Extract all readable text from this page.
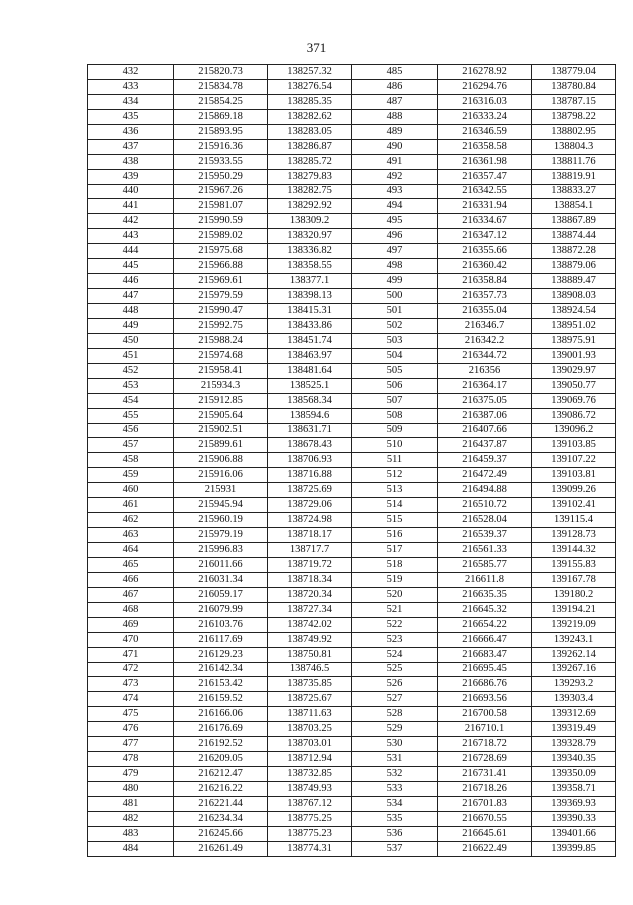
371
432	215820.73	138257.32	485	216278.92	138779.04
433	215834.78	138276.54	486	216294.76	138780.84
434	215854.25	138285.35	487	216316.03	138787.15
435	215869.18	138282.62	488	216333.24	138798.22
436	215893.95	138283.05	489	216346.59	138802.95
437	215916.36	138286.87	490	216358.58	138804.3
438	215933.55	138285.72	491	216361.98	138811.76
439	215950.29	138279.83	492	216357.47	138819.91
440	215967.26	138282.75	493	216342.55	138833.27
441	215981.07	138292.92	494	216331.94	138854.1
442	215990.59	138309.2	495	216334.67	138867.89
443	215989.02	138320.97	496	216347.12	138874.44
444	215975.68	138336.82	497	216355.66	138872.28
445	215966.88	138358.55	498	216360.42	138879.06
446	215969.61	138377.1	499	216358.84	138889.47
447	215979.59	138398.13	500	216357.73	138908.03
448	215990.47	138415.31	501	216355.04	138924.54
449	215992.75	138433.86	502	216346.7	138951.02
450	215988.24	138451.74	503	216342.2	138975.91
451	215974.68	138463.97	504	216344.72	139001.93
452	215958.41	138481.64	505	216356	139029.97
453	215934.3	138525.1	506	216364.17	139050.77
454	215912.85	138568.34	507	216375.05	139069.76
455	215905.64	138594.6	508	216387.06	139086.72
456	215902.51	138631.71	509	216407.66	139096.2
457	215899.61	138678.43	510	216437.87	139103.85
458	215906.88	138706.93	511	216459.37	139107.22
459	215916.06	138716.88	512	216472.49	139103.81
460	215931	138725.69	513	216494.88	139099.26
461	215945.94	138729.06	514	216510.72	139102.41
462	215960.19	138724.98	515	216528.04	139115.4
463	215979.19	138718.17	516	216539.37	139128.73
464	215996.83	138717.7	517	216561.33	139144.32
465	216011.66	138719.72	518	216585.77	139155.83
466	216031.34	138718.34	519	216611.8	139167.78
467	216059.17	138720.34	520	216635.35	139180.2
468	216079.99	138727.34	521	216645.32	139194.21
469	216103.76	138742.02	522	216654.22	139219.09
470	216117.69	138749.92	523	216666.47	139243.1
471	216129.23	138750.81	524	216683.47	139262.14
472	216142.34	138746.5	525	216695.45	139267.16
473	216153.42	138735.85	526	216686.76	139293.2
474	216159.52	138725.67	527	216693.56	139303.4
475	216166.06	138711.63	528	216700.58	139312.69
476	216176.69	138703.25	529	216710.1	139319.49
477	216192.52	138703.01	530	216718.72	139328.79
478	216209.05	138712.94	531	216728.69	139340.35
479	216212.47	138732.85	532	216731.41	139350.09
480	216216.22	138749.93	533	216718.26	139358.71
481	216221.44	138767.12	534	216701.83	139369.93
482	216234.34	138775.25	535	216670.55	139390.33
483	216245.66	138775.23	536	216645.61	139401.66
484	216261.49	138774.31	537	216622.49	139399.85
